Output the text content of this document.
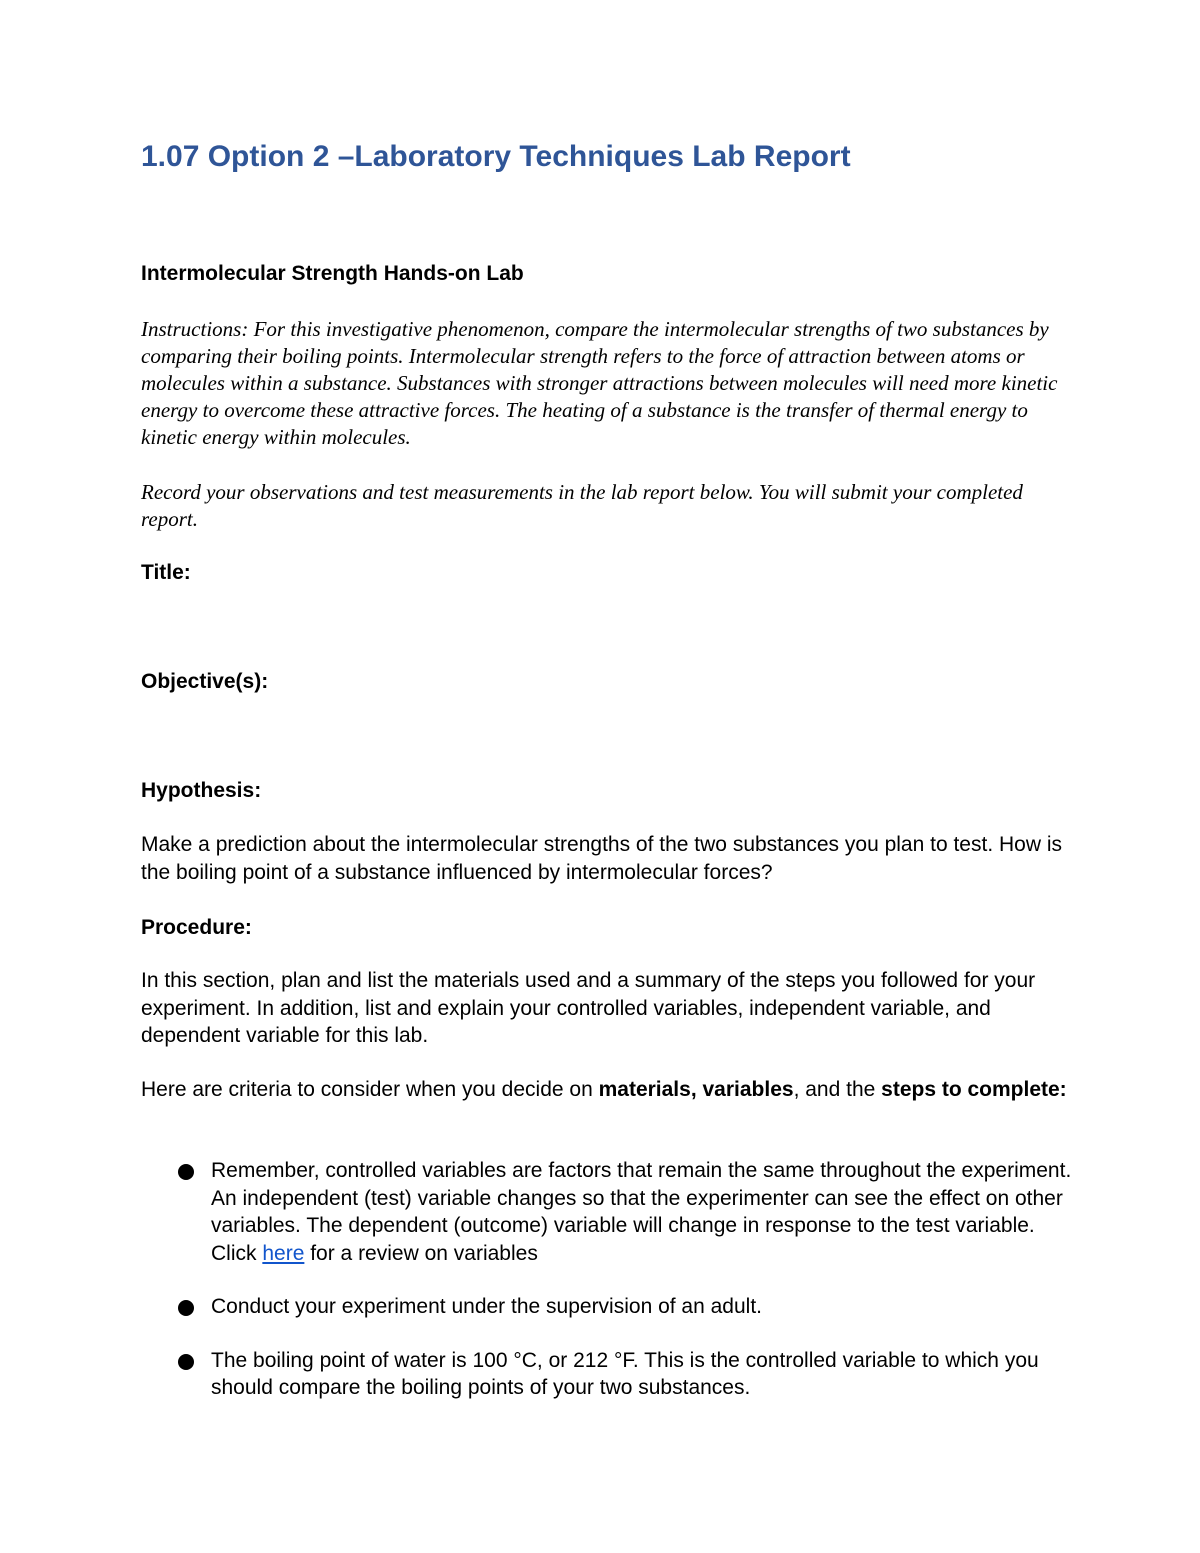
1.07 Option 2 –Laboratory Techniques Lab Report

Intermolecular Strength Hands-on Lab

Instructions: For this investigative phenomenon, compare the intermolecular strengths of two substances by comparing their boiling points. Intermolecular strength refers to the force of attraction between atoms or molecules within a substance. Substances with stronger attractions between molecules will need more kinetic energy to overcome these attractive forces. The heating of a substance is the transfer of thermal energy to kinetic energy within molecules.

Record your observations and test measurements in the lab report below. You will submit your completed report.

Title:

Objective(s):

Hypothesis:

Make a prediction about the intermolecular strengths of the two substances you plan to test. How is the boiling point of a substance influenced by intermolecular forces?

Procedure:

In this section, plan and list the materials used and a summary of the steps you followed for your experiment. In addition, list and explain your controlled variables, independent variable, and dependent variable for this lab.

Here are criteria to consider when you decide on materials, variables, and the steps to complete:

Remember, controlled variables are factors that remain the same throughout the experiment. An independent (test) variable changes so that the experimenter can see the effect on other variables. The dependent (outcome) variable will change in response to the test variable. Click here for a review on variables
Conduct your experiment under the supervision of an adult.
The boiling point of water is 100 °C, or 212 °F. This is the controlled variable to which you should compare the boiling points of your two substances.
